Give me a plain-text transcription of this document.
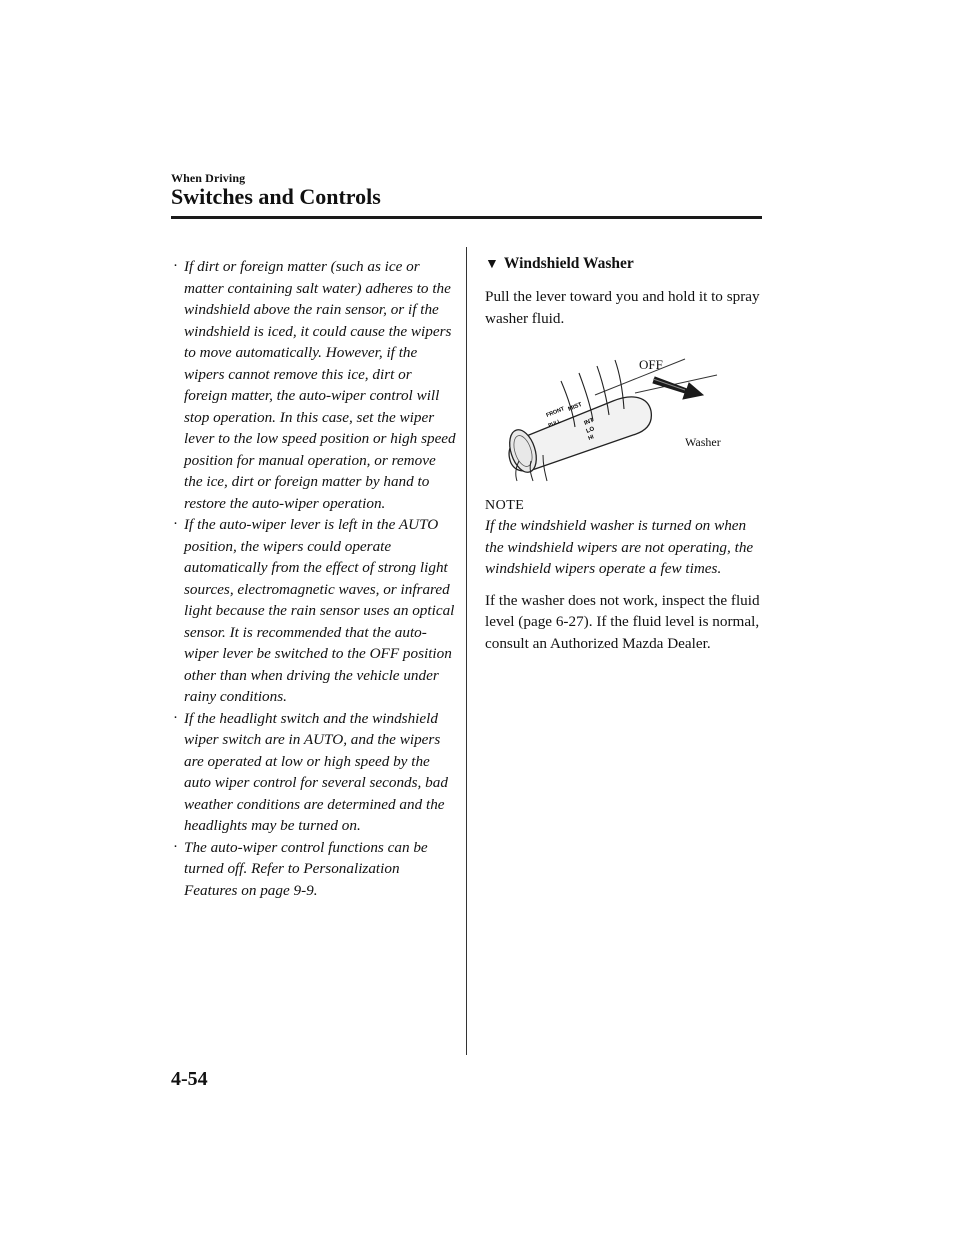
When Driving
Switches and Controls
· If dirt or foreign matter (such as ice or matter containing salt water) adheres to the windshield above the rain sensor, or if the windshield is iced, it could cause the wipers to move automatically. However, if the wipers cannot remove this ice, dirt or foreign matter, the auto-wiper control will stop operation. In this case, set the wiper lever to the low speed position or high speed position for manual operation, or remove the ice, dirt or foreign matter by hand to restore the auto-wiper operation.
· If the auto-wiper lever is left in the AUTO position, the wipers could operate automatically from the effect of strong light sources, electromagnetic waves, or infrared light because the rain sensor uses an optical sensor. It is recommended that the auto-wiper lever be switched to the OFF position other than when driving the vehicle under rainy conditions.
· If the headlight switch and the windshield wiper switch are in AUTO, and the wipers are operated at low or high speed by the auto wiper control for several seconds, bad weather conditions are determined and the headlights may be turned on.
· The auto-wiper control functions can be turned off. Refer to Personalization Features on page 9-9.

▼ Windshield Washer

Pull the lever toward you and hold it to spray washer fluid.

FRONT MIST
INT
LO
HI
PULL
OFF
Washer

NOTE

If the windshield washer is turned on when the windshield wipers are not operating, the windshield wipers operate a few times.

If the washer does not work, inspect the fluid level (page 6-27). If the fluid level is normal, consult an Authorized Mazda Dealer.

4-54
